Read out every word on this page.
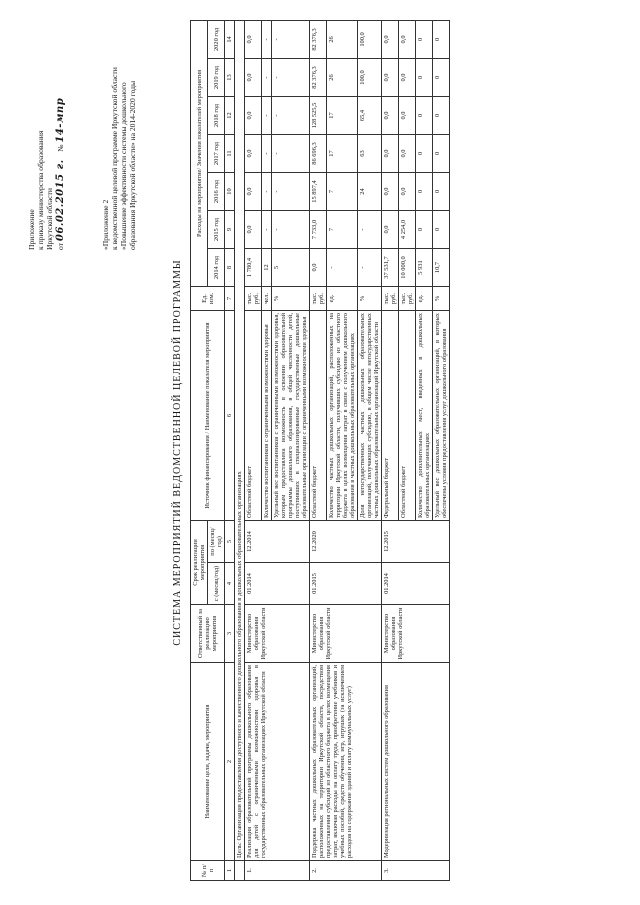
Приложение к приказу министерства образования Иркутской области от 06.02.2015 г.    № 14-мпр
«Приложение 2 к ведомственной целевой программе Иркутской области «Повышение эффективности системы дошкольного образования Иркутской области» на 2014-2020 годы
СИСТЕМА МЕРОПРИЯТИЙ ВЕДОМСТВЕННОЙ ЦЕЛЕВОЙ ПРОГРАММЫ
№ п/п	Наименование цели, задачи, мероприятия	Ответственный за реализацию мероприятия	Срок реализации мероприятия		Источник финансирования / Наименование показателя мероприятия	Ед. изм.	Расходы на мероприятие/ Значения показателей мероприятия						
			с (месяц/год)	по (месяц/год)			2014 год	2015 год	2016 год	2017 год	2018 год	2019 год	2020 год
1	2	3	4	5	6	7	8	9	10	11	12	13	14
	Цель: Организация предоставления доступного и качественного дошкольного образования в дошкольных образовательных организациях												
1.	Реализация образовательной программы дошкольного образования для детей с ограниченными возможностями здоровья в государственных образовательных организациях Иркутской области	Министерство образования Иркутской области	01.2014	12.2014	Областной бюджет	тыс. руб.	1 780,4	0,0	0,0	0,0	0,0	0,0	0,0
					Количество воспитанников с ограниченными возможностями здоровья	чел.	12	-	-	-	-	-	-
					Удельный вес воспитанников с ограниченными возможностями здоровья, которым предоставлена возможность в освоении образовательной программы дошкольного образования, в общей численности детей, поступивших в специализированные государственные дошкольные образовательные организации с ограниченными возможностями здоровья	%	5	-	-	-	-	-	-
2.	Поддержка частных дошкольных образовательных организаций, расположенных на территории Иркутской области, посредством предоставления субсидий из областного бюджета в целях возмещения затрат, включая расходы на оплату труда, приобретение учебников и учебных пособий, средств обучения, игр, игрушек (за исключением расходов на содержание зданий и оплату коммунальных услуг)	Министерство образования Иркутской области	01.2015	12.2020	Областной бюджет	тыс. руб.	0,0	7 733,0	15 897,4	86 696,3	128 525,5	82 376,3	82 376,3
					Количество частных дошкольных организаций, расположенных на территории Иркутской области, получивших субсидию из областного бюджета в целях возмещения затрат в связи с получением дошкольного образования в частных дошкольных образовательных организациях	ед.	-	7	7	17	17	26	26
					Доля негосударственных частных дошкольных образовательных организаций, получающих субсидию, в общем числе негосударственных частных дошкольных образовательных организаций Иркутской области	%	-	-	24	63	65,4	100,0	100,0
3.	Модернизация региональных систем дошкольного образования	Министерство образования Иркутской области	01.2014	12.2015	Федеральный бюджет	тыс. руб.	37 531,7	0,0	0,0	0,0	0,0	0,0	0,0
					Областной бюджет	тыс. руб.	10 000,0	4 254,0	0,0	0,0	0,0	0,0	0,0
					Количество дополнительных мест, введенных в дошкольных образовательных организациях	ед.	5 931	0	0	0	0	0	0
					Удельный вес дошкольных образовательных организаций, в которых обеспечены условия предоставления услуг дошкольного образования	%	10,7	0	0	0	0	0	0
